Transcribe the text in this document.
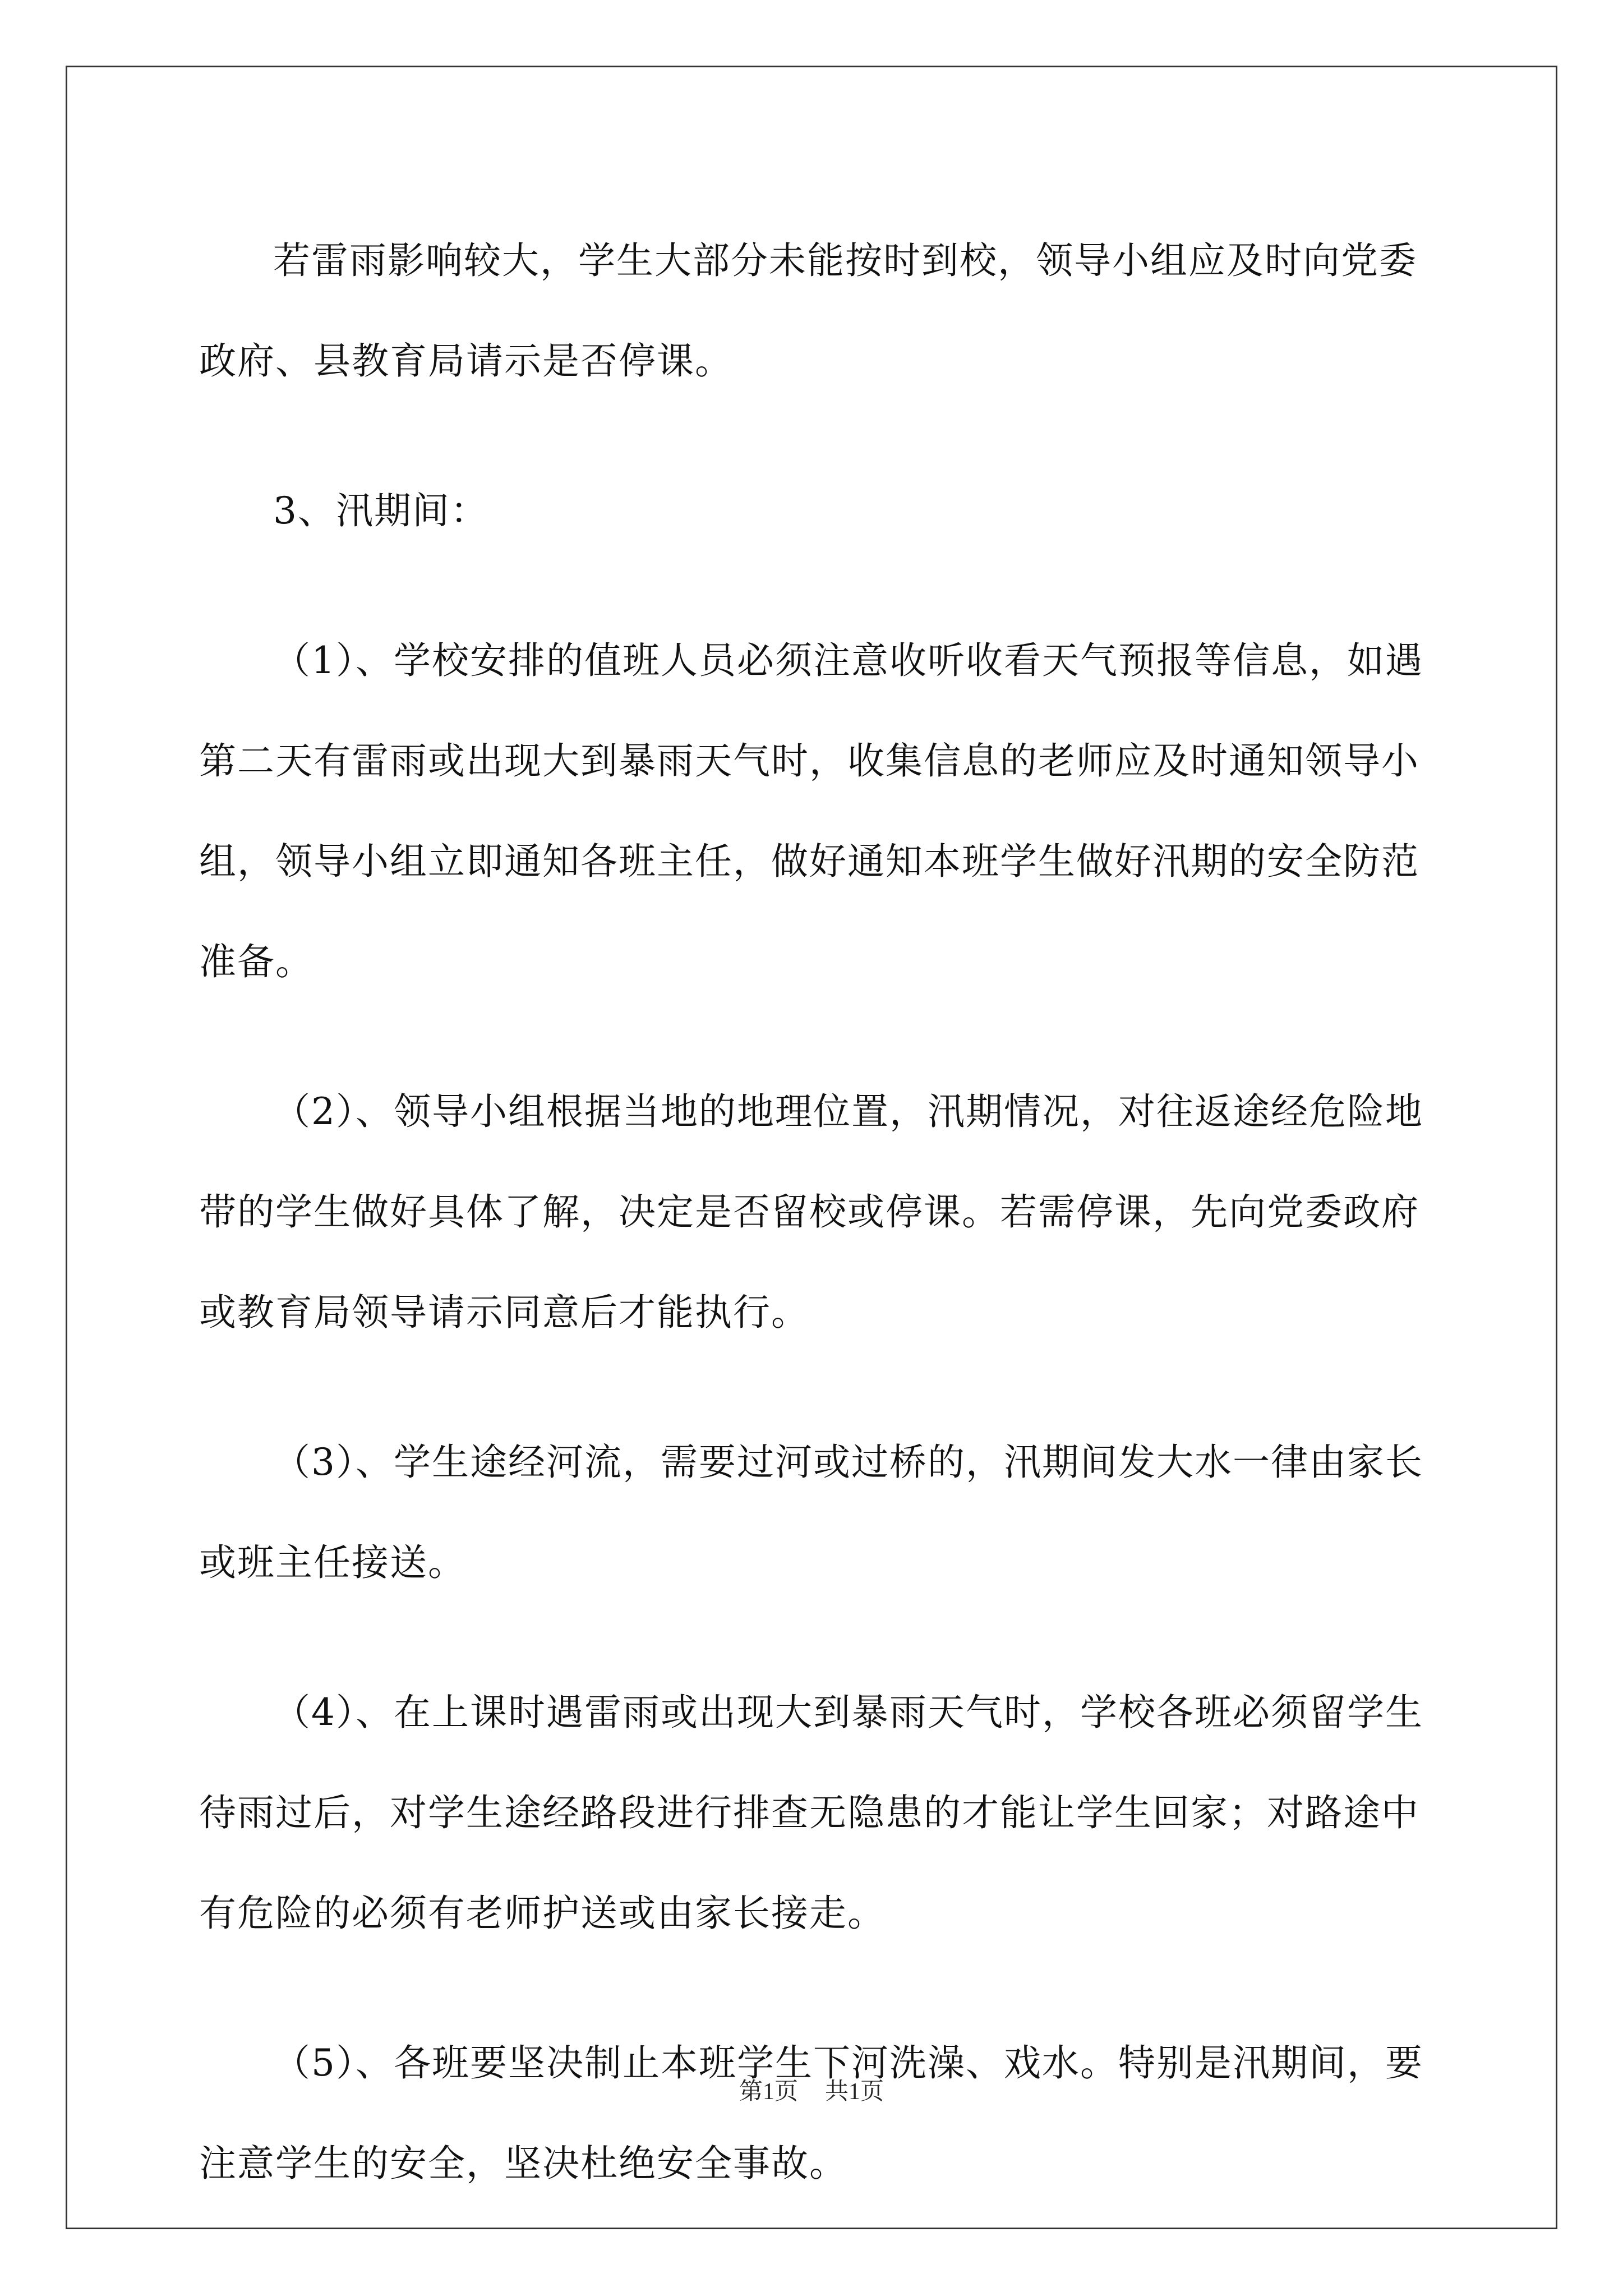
若雷雨影响较大，学生大部分未能按时到校，领导小组应及时向党委政府、县教育局请示是否停课。

3、汛期间：

（1）、学校安排的值班人员必须注意收听收看天气预报等信息，如遇第二天有雷雨或出现大到暴雨天气时，收集信息的老师应及时通知领导小组，领导小组立即通知各班主任，做好通知本班学生做好汛期的安全防范准备。

（2）、领导小组根据当地的地理位置，汛期情况，对往返途经危险地带的学生做好具体了解，决定是否留校或停课。若需停课，先向党委政府或教育局领导请示同意后才能执行。

（3）、学生途经河流，需要过河或过桥的，汛期间发大水一律由家长或班主任接送。

（4）、在上课时遇雷雨或出现大到暴雨天气时，学校各班必须留学生待雨过后，对学生途经路段进行排查无隐患的才能让学生回家；对路途中有危险的必须有老师护送或由家长接走。

（5）、各班要坚决制止本班学生下河洗澡、戏水。特别是汛期间，要注意学生的安全，坚决杜绝安全事故。

第1页 共1页
